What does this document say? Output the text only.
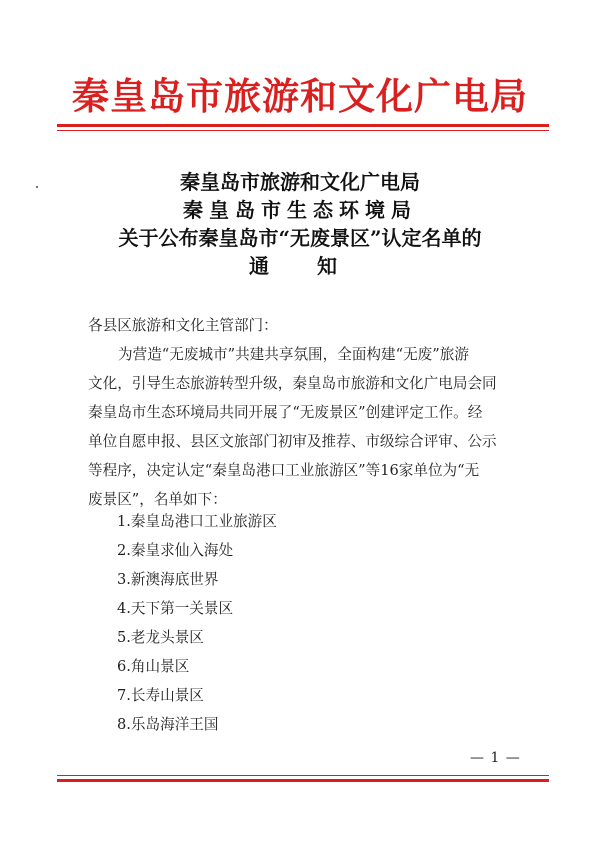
秦皇岛市旅游和文化广电局
秦皇岛市旅游和文化广电局
秦皇岛市生态环境局
关于公布秦皇岛市“无废景区”认定名单的
通　知
各县区旅游和文化主管部门：
为营造“无废城市”共建共享氛围，全面构建“无废”旅游
文化，引导生态旅游转型升级，秦皇岛市旅游和文化广电局会同
秦皇岛市生态环境局共同开展了“无废景区”创建评定工作。经
单位自愿申报、县区文旅部门初审及推荐、市级综合评审、公示
等程序，决定认定“秦皇岛港口工业旅游区”等16家单位为“无
废景区”，名单如下：
1.秦皇岛港口工业旅游区
2.秦皇求仙入海处
3.新澳海底世界
4.天下第一关景区
5.老龙头景区
6.角山景区
7.长寿山景区
8.乐岛海洋王国
— 1 —
